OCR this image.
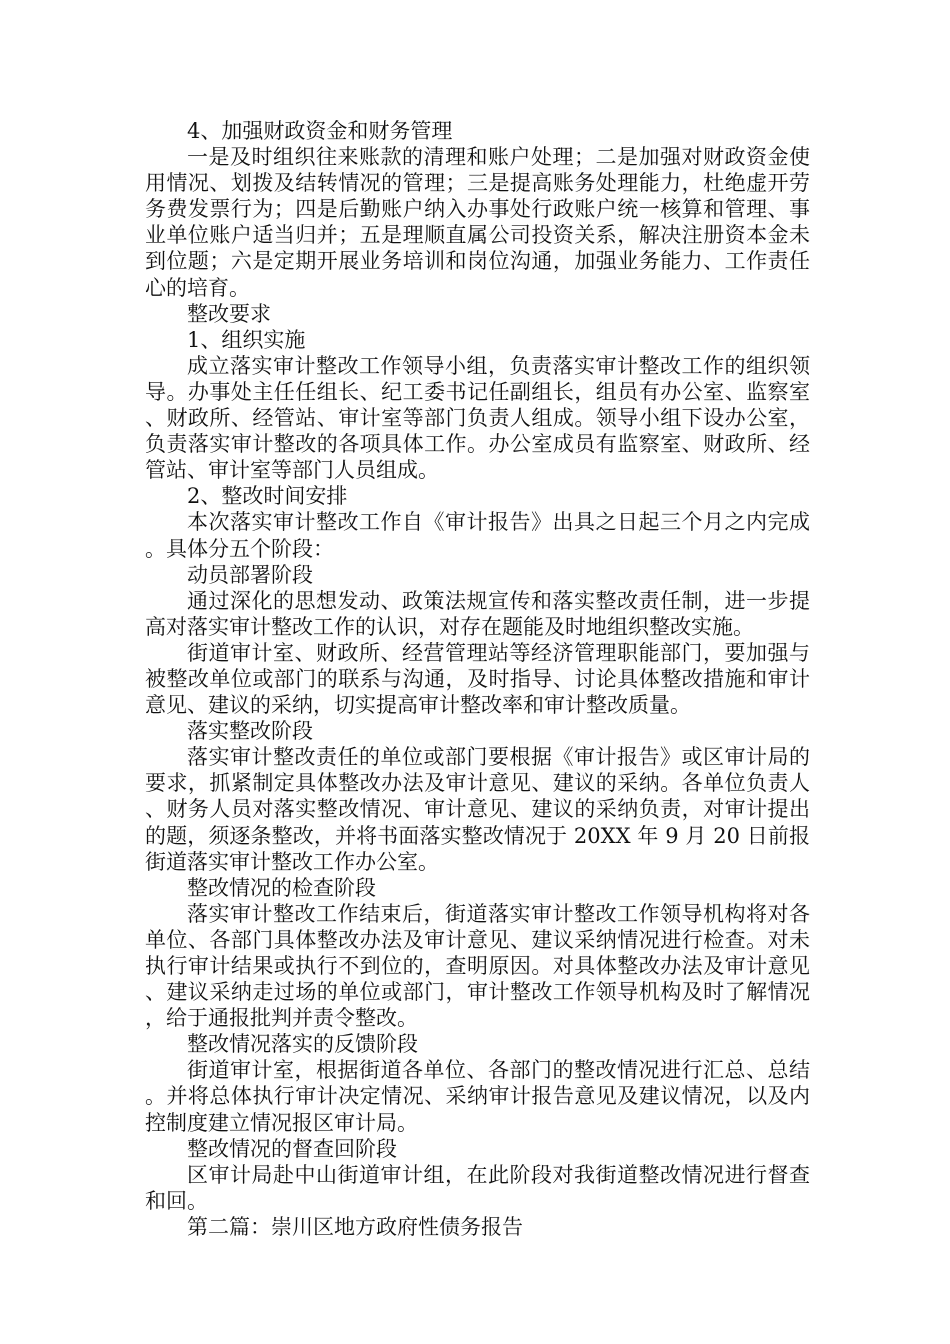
4、加强财政资金和财务管理

一是及时组织往来账款的清理和账户处理；二是加强对财政资金使用情况、划拨及结转情况的管理；三是提高账务处理能力，杜绝虚开劳务费发票行为；四是后勤账户纳入办事处行政账户统一核算和管理、事业单位账户适当归并；五是理顺直属公司投资关系，解决注册资本金未到位题；六是定期开展业务培训和岗位沟通，加强业务能力、工作责任心的培育。

整改要求

1、组织实施

成立落实审计整改工作领导小组，负责落实审计整改工作的组织领导。办事处主任任组长、纪工委书记任副组长，组员有办公室、监察室、财政所、经管站、审计室等部门负责人组成。领导小组下设办公室，负责落实审计整改的各项具体工作。办公室成员有监察室、财政所、经管站、审计室等部门人员组成。

2、整改时间安排

本次落实审计整改工作自《审计报告》出具之日起三个月之内完成。具体分五个阶段：

动员部署阶段

通过深化的思想发动、政策法规宣传和落实整改责任制，进一步提高对落实审计整改工作的认识，对存在题能及时地组织整改实施。

街道审计室、财政所、经营管理站等经济管理职能部门，要加强与被整改单位或部门的联系与沟通，及时指导、讨论具体整改措施和审计意见、建议的采纳，切实提高审计整改率和审计整改质量。

落实整改阶段

落实审计整改责任的单位或部门要根据《审计报告》或区审计局的要求，抓紧制定具体整改办法及审计意见、建议的采纳。各单位负责人、财务人员对落实整改情况、审计意见、建议的采纳负责，对审计提出的题，须逐条整改，并将书面落实整改情况于 20XX 年 9 月 20 日前报街道落实审计整改工作办公室。

整改情况的检查阶段

落实审计整改工作结束后，街道落实审计整改工作领导机构将对各单位、各部门具体整改办法及审计意见、建议采纳情况进行检查。对未执行审计结果或执行不到位的，查明原因。对具体整改办法及审计意见、建议采纳走过场的单位或部门，审计整改工作领导机构及时了解情况，给于通报批判并责令整改。

整改情况落实的反馈阶段

街道审计室，根据街道各单位、各部门的整改情况进行汇总、总结。并将总体执行审计决定情况、采纳审计报告意见及建议情况，以及内控制度建立情况报区审计局。

整改情况的督查回阶段

区审计局赴中山街道审计组，在此阶段对我街道整改情况进行督查和回。

第二篇：崇川区地方政府性债务报告
